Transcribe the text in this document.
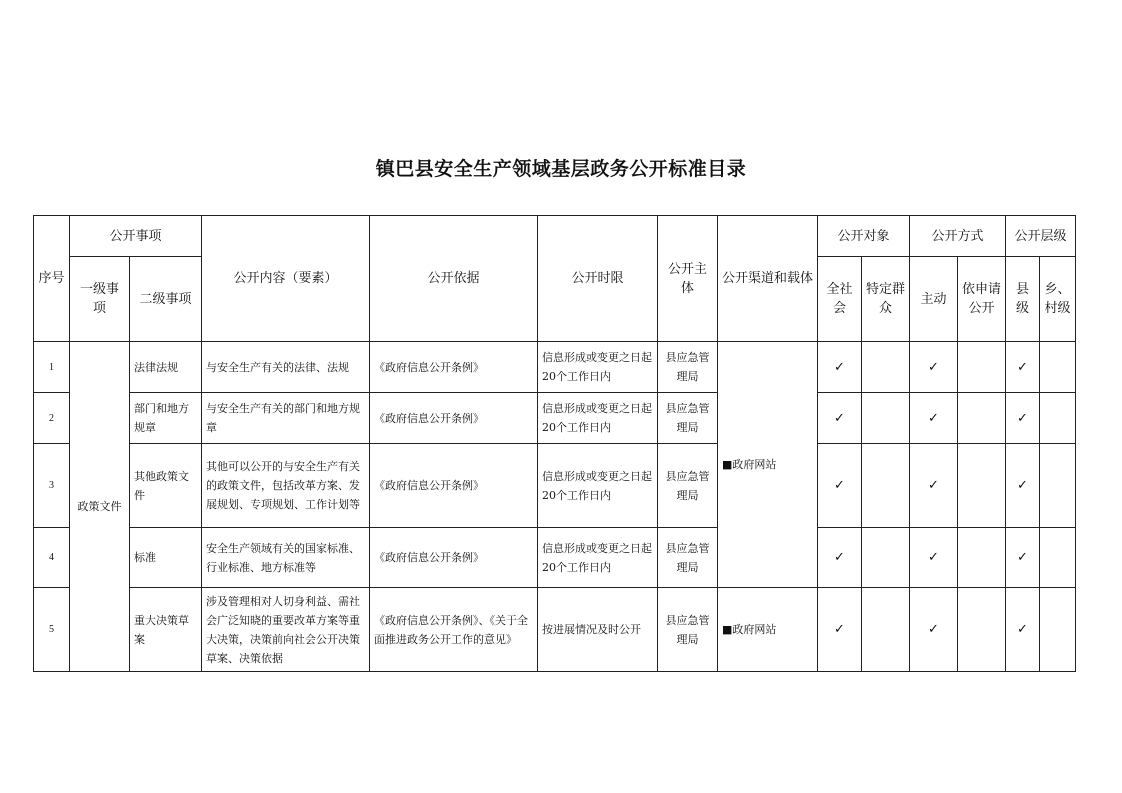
镇巴县安全生产领域基层政务公开标准目录
序号	公开事项		公开内容（要素）	公开依据	公开时限	公开主体	公开渠道和载体	公开对象		公开方式		公开层级	
	一级事项	二级事项						全社会	特定群众	主动	依申请公开	县级	乡、村级
1	政策文件	法律法规	与安全生产有关的法律、法规	《政府信息公开条例》	信息形成或变更之日起20个工作日内	县应急管理局	■政府网站	✓		✓		✓	
2		部门和地方规章	与安全生产有关的部门和地方规章	《政府信息公开条例》	信息形成或变更之日起20个工作日内	县应急管理局		✓		✓		✓	
3		其他政策文件	其他可以公开的与安全生产有关的政策文件，包括改革方案、发展规划、专项规划、工作计划等	《政府信息公开条例》	信息形成或变更之日起20个工作日内	县应急管理局		✓		✓		✓	
4		标准	安全生产领域有关的国家标准、行业标准、地方标准等	《政府信息公开条例》	信息形成或变更之日起20个工作日内	县应急管理局		✓		✓		✓	
5		重大决策草案	涉及管理相对人切身利益、需社会广泛知晓的重要改革方案等重大决策，决策前向社会公开决策草案、决策依据	《政府信息公开条例》、《关于全面推进政务公开工作的意见》	按进展情况及时公开	县应急管理局	■政府网站	✓		✓		✓	
